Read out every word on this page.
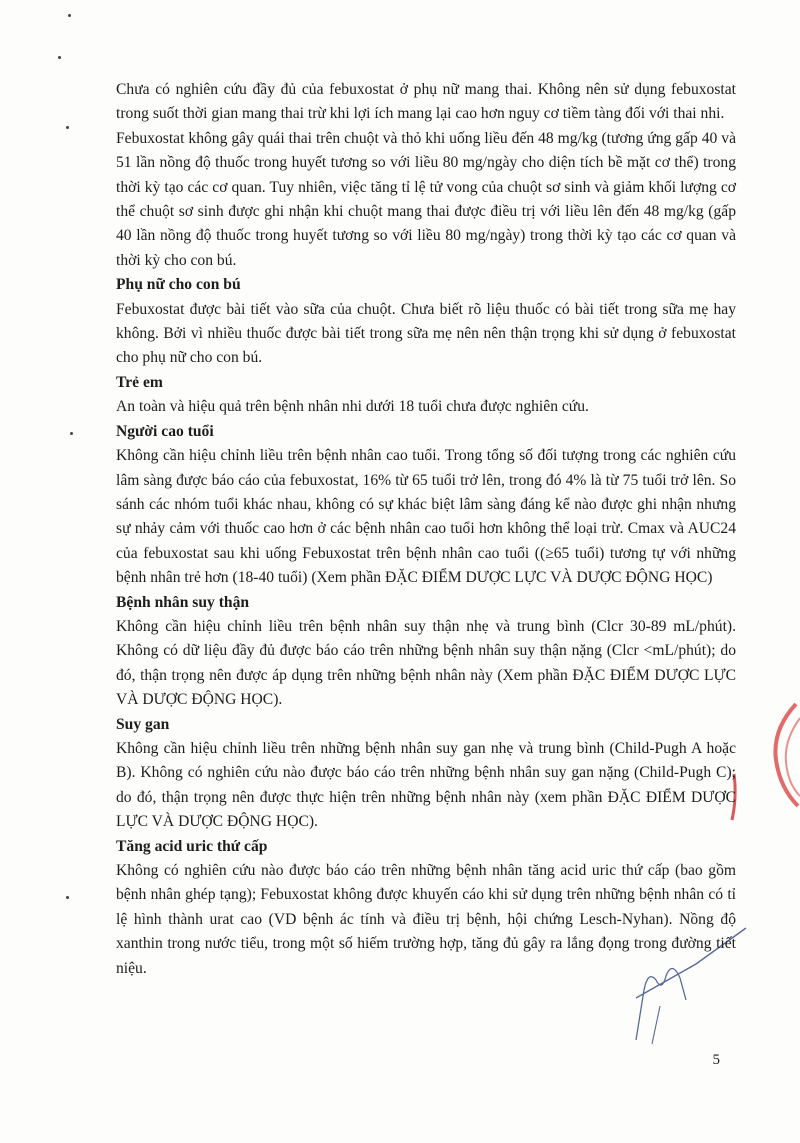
Chưa có nghiên cứu đầy đủ của febuxostat ở phụ nữ mang thai. Không nên sử dụng febuxostat trong suốt thời gian mang thai trừ khi lợi ích mang lại cao hơn nguy cơ tiềm tàng đối với thai nhi.

Febuxostat không gây quái thai trên chuột và thỏ khi uống liều đến 48 mg/kg (tương ứng gấp 40 và 51 lần nồng độ thuốc trong huyết tương so với liều 80 mg/ngày cho diện tích bề mặt cơ thể) trong thời kỳ tạo các cơ quan. Tuy nhiên, việc tăng tỉ lệ tử vong của chuột sơ sinh và giảm khối lượng cơ thể chuột sơ sinh được ghi nhận khi chuột mang thai được điều trị với liều lên đến 48 mg/kg (gấp 40 lần nồng độ thuốc trong huyết tương so với liều 80 mg/ngày) trong thời kỳ tạo các cơ quan và thời kỳ cho con bú.

Phụ nữ cho con bú

Febuxostat được bài tiết vào sữa của chuột. Chưa biết rõ liệu thuốc có bài tiết trong sữa mẹ hay không. Bởi vì nhiều thuốc được bài tiết trong sữa mẹ nên nên thận trọng khi sử dụng ở febuxostat cho phụ nữ cho con bú.

Trẻ em

An toàn và hiệu quả trên bệnh nhân nhi dưới 18 tuổi chưa được nghiên cứu.

Người cao tuổi

Không cần hiệu chỉnh liều trên bệnh nhân cao tuổi. Trong tổng số đối tượng trong các nghiên cứu lâm sàng được báo cáo của febuxostat, 16% từ 65 tuổi trở lên, trong đó 4% là từ 75 tuổi trở lên. So sánh các nhóm tuổi khác nhau, không có sự khác biệt lâm sàng đáng kể nào được ghi nhận nhưng sự nhảy cảm với thuốc cao hơn ở các bệnh nhân cao tuổi hơn không thể loại trừ. Cmax và AUC24 của febuxostat sau khi uống Febuxostat trên bệnh nhân cao tuổi ((≥65 tuổi) tương tự với những bệnh nhân trẻ hơn (18-40 tuổi) (Xem phần ĐẶC ĐIỂM DƯỢC LỰC VÀ DƯỢC ĐỘNG HỌC)

Bệnh nhân suy thận

Không cần hiệu chỉnh liều trên bệnh nhân suy thận nhẹ và trung bình (Clcr 30-89 mL/phút). Không có dữ liệu đầy đủ được báo cáo trên những bệnh nhân suy thận nặng (Clcr <mL/phút); do đó, thận trọng nên được áp dụng trên những bệnh nhân này (Xem phần ĐẶC ĐIỂM DƯỢC LỰC VÀ DƯỢC ĐỘNG HỌC).

Suy gan

Không cần hiệu chỉnh liều trên những bệnh nhân suy gan nhẹ và trung bình (Child-Pugh A hoặc B). Không có nghiên cứu nào được báo cáo trên những bệnh nhân suy gan nặng (Child-Pugh C); do đó, thận trọng nên được thực hiện trên những bệnh nhân này (xem phần ĐẶC ĐIỂM DƯỢC LỰC VÀ DƯỢC ĐỘNG HỌC).

Tăng acid uric thứ cấp

Không có nghiên cứu nào được báo cáo trên những bệnh nhân tăng acid uric thứ cấp (bao gồm bệnh nhân ghép tạng); Febuxostat không được khuyến cáo khi sử dụng trên những bệnh nhân có tỉ lệ hình thành urat cao (VD bệnh ác tính và điều trị bệnh, hội chứng Lesch-Nyhan). Nồng độ xanthin trong nước tiểu, trong một số hiếm trường hợp, tăng đủ gây ra lắng đọng trong đường tiết niệu.

5
